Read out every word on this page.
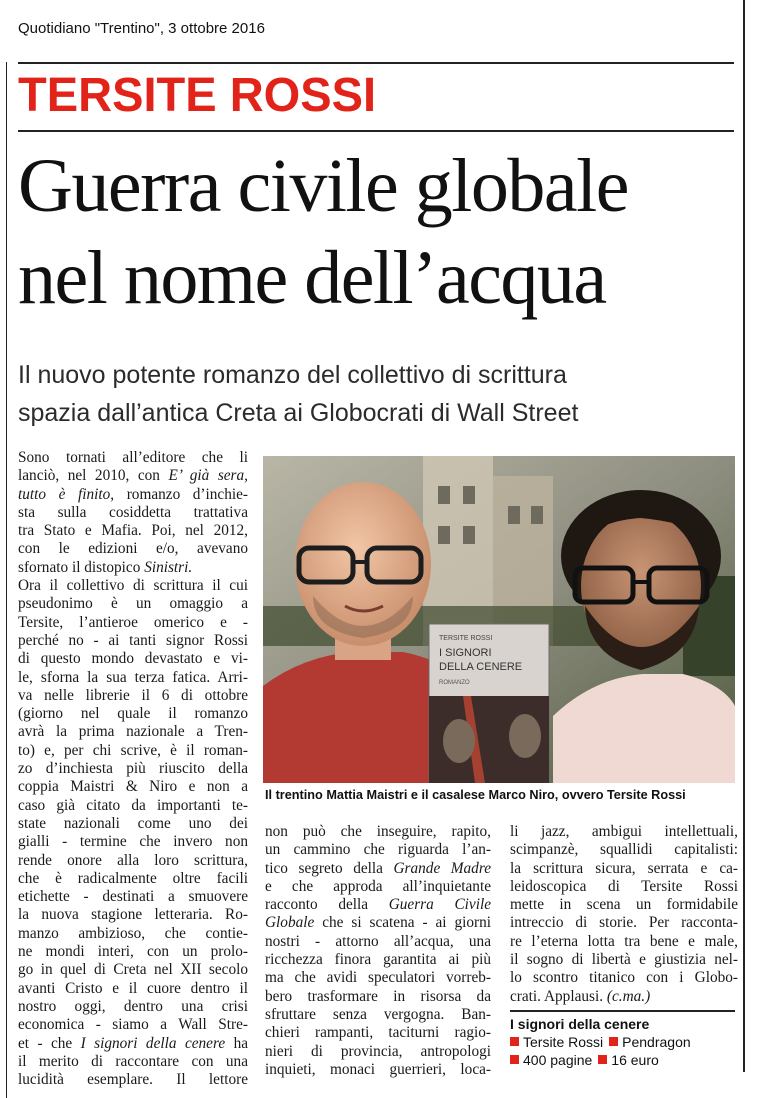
Quotidiano "Trentino", 3 ottobre 2016
TERSITE ROSSI
Guerra civile globale
nel nome dell’acqua
Il nuovo potente romanzo del collettivo di scrittura
spazia dall’antica Creta ai Globocrati di Wall Street
Sono tornati all’editore che li
lanciò, nel 2010, con E’ già sera,
tutto è finito, romanzo d’inchie-
sta sulla cosiddetta trattativa
tra Stato e Mafia. Poi, nel 2012,
con le edizioni e/o, avevano
sfornato il distopico Sinistri.
Ora il collettivo di scrittura il cui
pseudonimo è un omaggio a
Tersite, l’antieroe omerico e -
perché no - ai tanti signor Rossi
di questo mondo devastato e vi-
le, sforna la sua terza fatica. Arri-
va nelle librerie il 6 di ottobre
(giorno nel quale il romanzo
avrà la prima nazionale a Tren-
to) e, per chi scrive, è il roman-
zo d’inchiesta più riuscito della
coppia Maistri & Niro e non a
caso già citato da importanti te-
state nazionali come uno dei
gialli - termine che invero non
rende onore alla loro scrittura,
che è radicalmente oltre facili
etichette - destinati a smuovere
la nuova stagione letteraria. Ro-
manzo ambizioso, che contie-
ne mondi interi, con un prolo-
go in quel di Creta nel XII secolo
avanti Cristo e il cuore dentro il
nostro oggi, dentro una crisi
economica - siamo a Wall Stre-
et - che I signori della cenere ha
il merito di raccontare con una
lucidità esemplare. Il lettore
TERSITE ROSSI
I SIGNORI
DELLA CENERE
ROMANZO
Il trentino Mattia Maistri e il casalese Marco Niro, ovvero Tersite Rossi
non può che inseguire, rapito,
un cammino che riguarda l’an-
tico segreto della Grande Madre
e che approda all’inquietante
racconto della Guerra Civile
Globale che si scatena - ai giorni
nostri - attorno all’acqua, una
ricchezza finora garantita ai più
ma che avidi speculatori vorreb-
bero trasformare in risorsa da
sfruttare senza vergogna. Ban-
chieri rampanti, taciturni ragio-
nieri di provincia, antropologi
inquieti, monaci guerrieri, loca-
li jazz, ambigui intellettuali,
scimpanzè, squallidi capitalisti:
la scrittura sicura, serrata e ca-
leidoscopica di Tersite Rossi
mette in scena un formidabile
intreccio di storie. Per racconta-
re l’eterna lotta tra bene e male,
il sogno di libertà e giustizia nel-
lo scontro titanico con i Globo-
crati. Applausi. (c.ma.)
I signori della cenere
Tersite Rossi Pendragon
400 pagine 16 euro
